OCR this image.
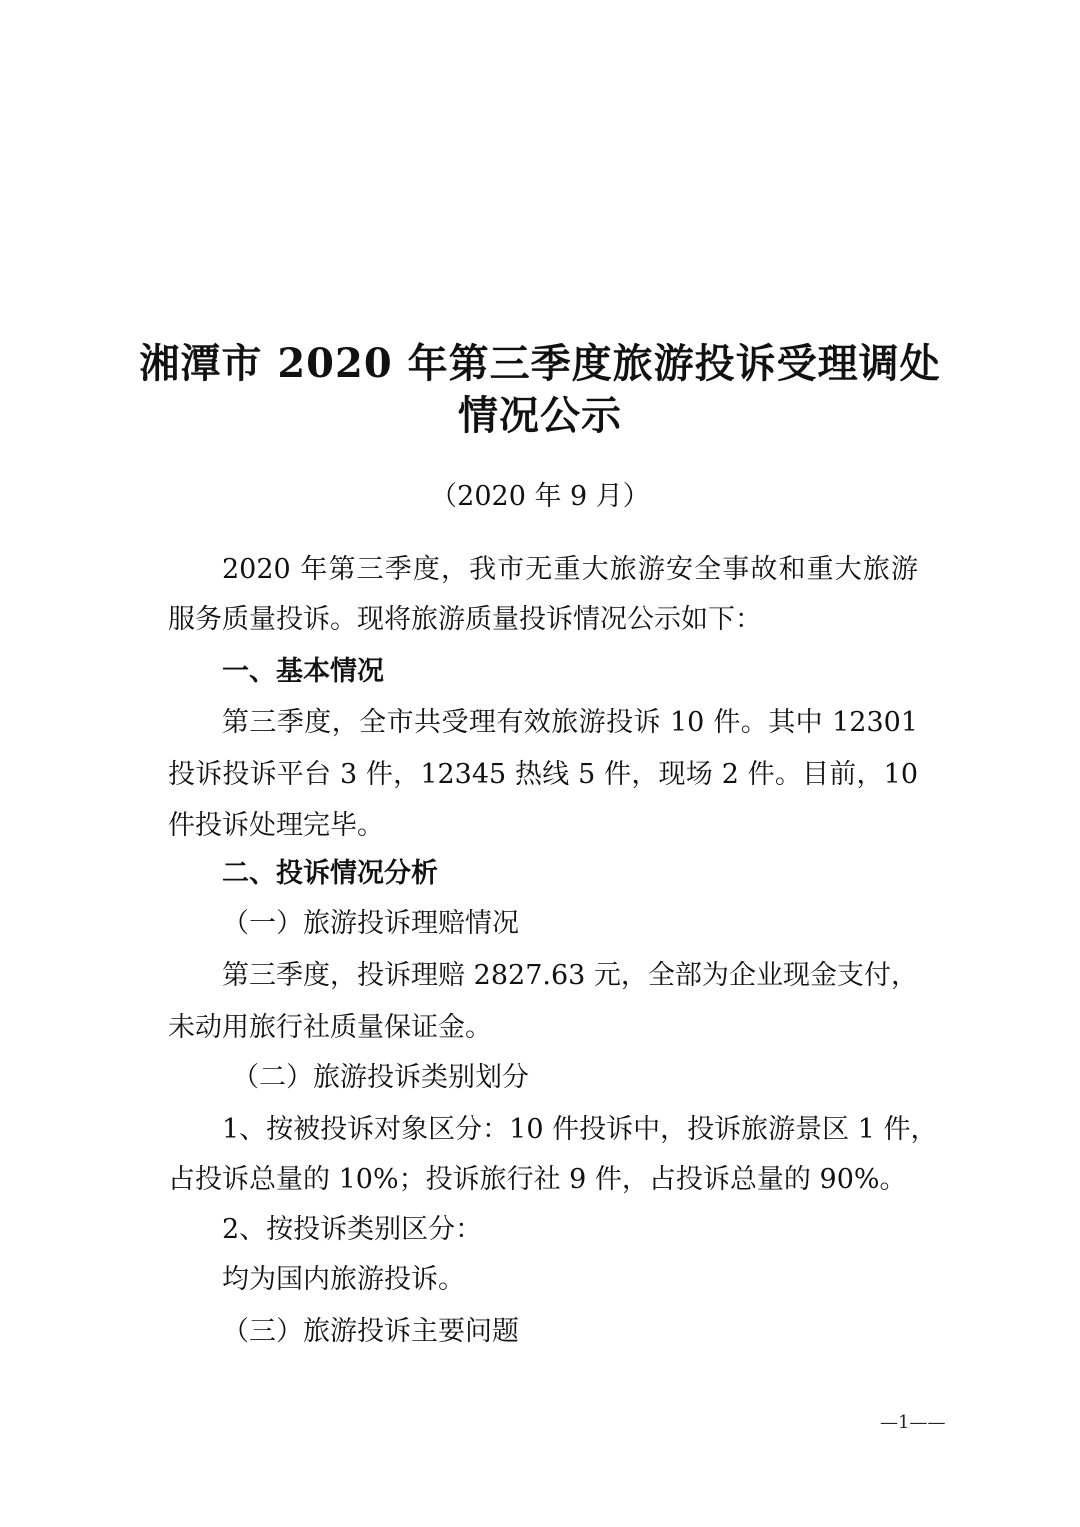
湘潭市 2020 年第三季度旅游投诉受理调处
情况公示
（2020 年 9 月）
2020 年第三季度，我市无重大旅游安全事故和重大旅游
服务质量投诉。现将旅游质量投诉情况公示如下：
一、基本情况
第三季度，全市共受理有效旅游投诉 10 件。其中 12301
投诉投诉平台 3 件，12345 热线 5 件，现场 2 件。目前，10
件投诉处理完毕。
二、投诉情况分析
（一）旅游投诉理赔情况
第三季度，投诉理赔 2827.63 元，全部为企业现金支付，
未动用旅行社质量保证金。
（二）旅游投诉类别划分
1、按被投诉对象区分：10 件投诉中，投诉旅游景区 1 件，
占投诉总量的 10%；投诉旅行社 9 件，占投诉总量的 90%。
2、按投诉类别区分：
均为国内旅游投诉。
（三）旅游投诉主要问题
—1——
